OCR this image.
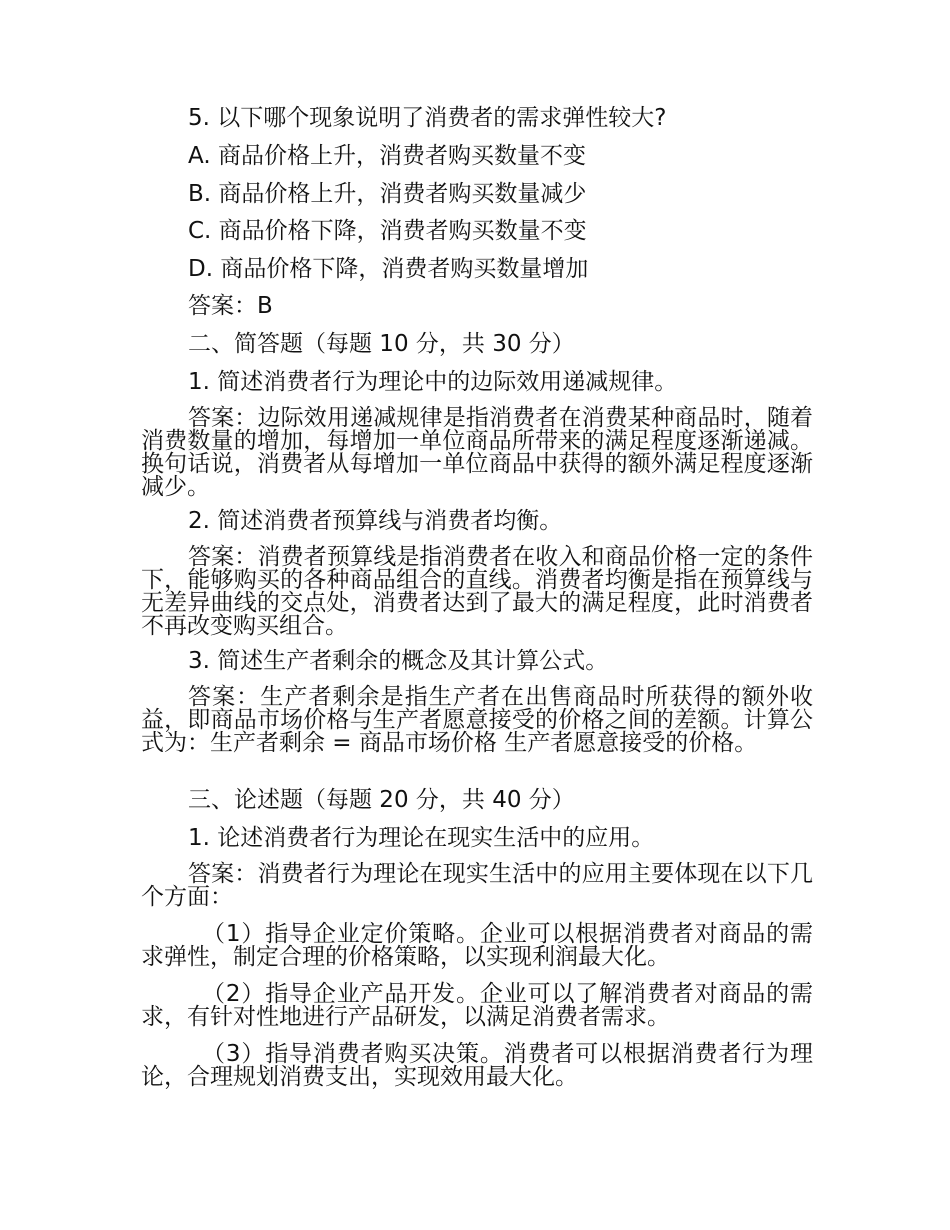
5. 以下哪个现象说明了消费者的需求弹性较大?

A. 商品价格上升，消费者购买数量不变

B. 商品价格上升，消费者购买数量减少

C. 商品价格下降，消费者购买数量不变

D. 商品价格下降，消费者购买数量增加

答案：B

二、简答题（每题 10 分，共 30 分）

1. 简述消费者行为理论中的边际效用递减规律。

答案：边际效用递减规律是指消费者在消费某种商品时，随着消费数量的增加，每增加一单位商品所带来的满足程度逐渐递减。换句话说，消费者从每增加一单位商品中获得的额外满足程度逐渐减少。

2. 简述消费者预算线与消费者均衡。

答案：消费者预算线是指消费者在收入和商品价格一定的条件下，能够购买的各种商品组合的直线。消费者均衡是指在预算线与无差异曲线的交点处，消费者达到了最大的满足程度，此时消费者不再改变购买组合。

3. 简述生产者剩余的概念及其计算公式。

答案：生产者剩余是指生产者在出售商品时所获得的额外收益，即商品市场价格与生产者愿意接受的价格之间的差额。计算公式为：生产者剩余 = 商品市场价格 生产者愿意接受的价格。

三、论述题（每题 20 分，共 40 分）

1. 论述消费者行为理论在现实生活中的应用。

答案：消费者行为理论在现实生活中的应用主要体现在以下几个方面：

（1）指导企业定价策略。企业可以根据消费者对商品的需求弹性，制定合理的价格策略，以实现利润最大化。

（2）指导企业产品开发。企业可以了解消费者对商品的需求，有针对性地进行产品研发，以满足消费者需求。

（3）指导消费者购买决策。消费者可以根据消费者行为理论，合理规划消费支出，实现效用最大化。
